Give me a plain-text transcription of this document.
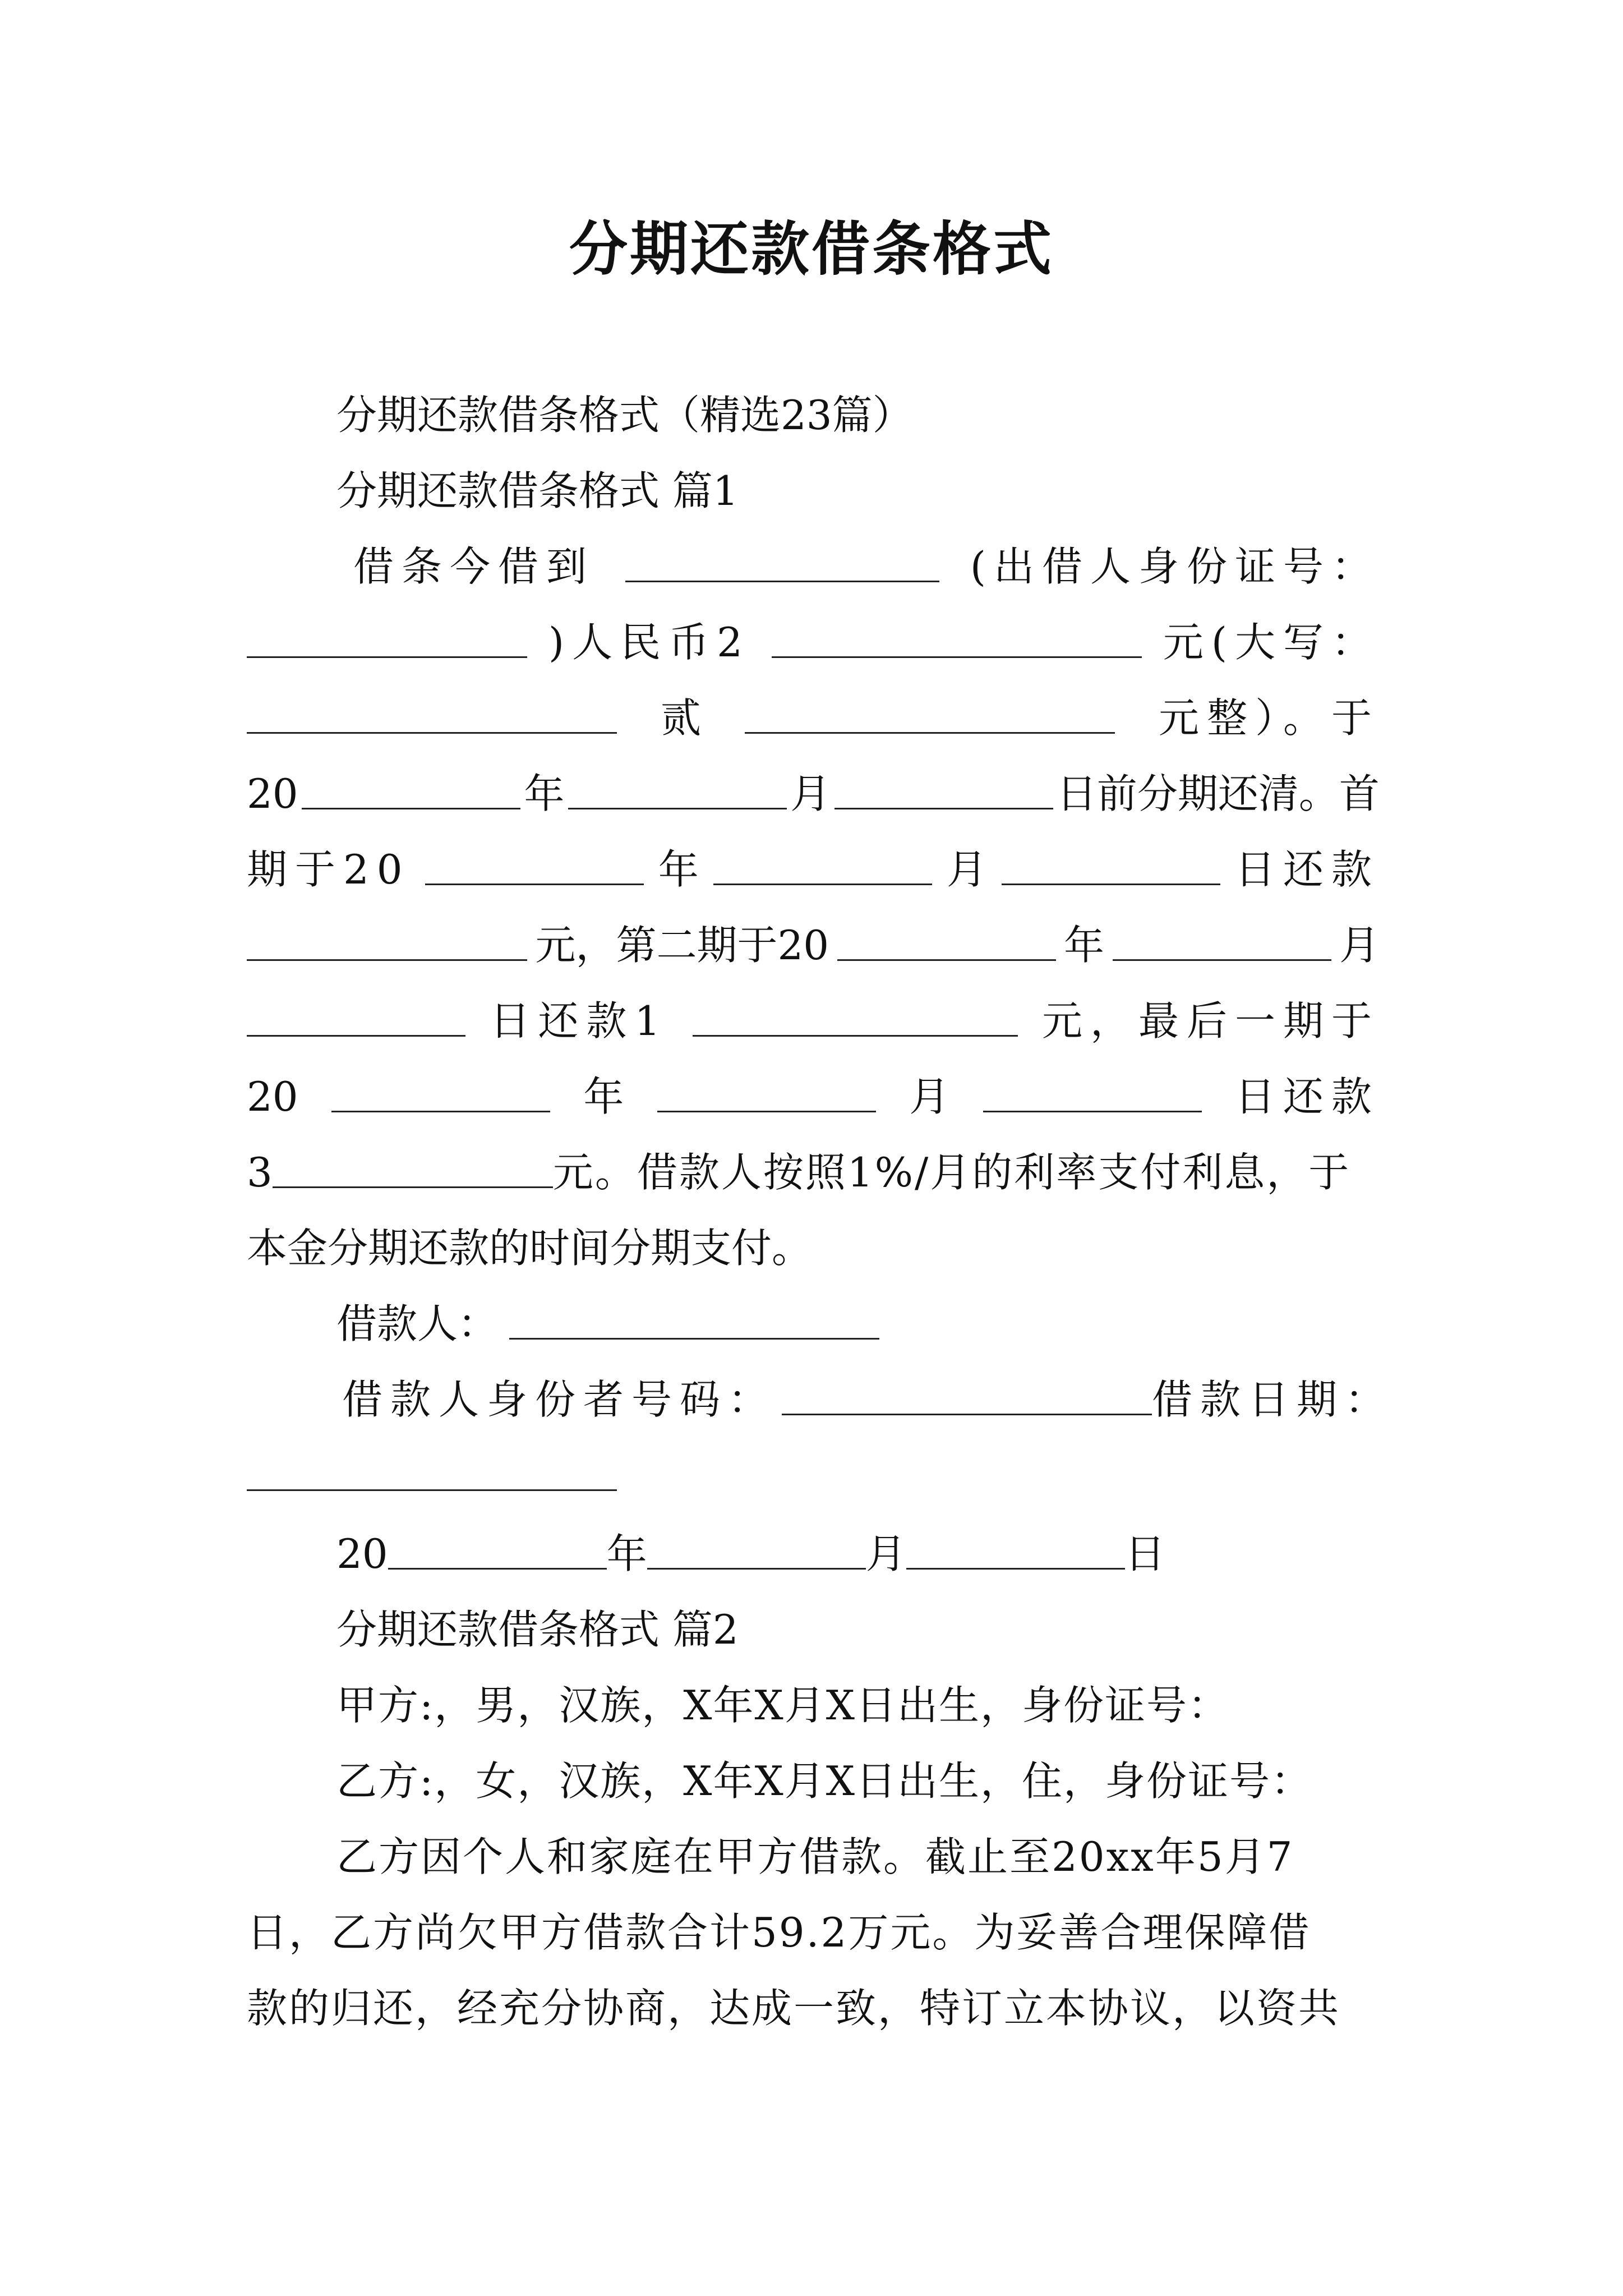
分期还款借条格式
分期还款借条格式（精选23篇）
分期还款借条格式 篇1
借条今借到	(出借人身份证号：
)人民币2	元(大写：
贰	元整）。于
20	年	月	日前分期还清。首
期于20	年	月	日还款
元，第二期于20	年	月
日还款1	元，最后一期于
20	年	月	日还款
3	元。借款人按照1%/月的利率支付利息，于
本金分期还款的时间分期支付。
借款人：
借款人身份者号码：	借款日期：
20	年	月	日
分期还款借条格式 篇2
甲方:，男，汉族，X年X月X日出生，身份证号：
乙方:，女，汉族，X年X月X日出生，住，身份证号：
乙方因个人和家庭在甲方借款。截止至20xx年5月7
日，乙方尚欠甲方借款合计59.2万元。为妥善合理保障借
款的归还，经充分协商，达成一致，特订立本协议，以资共
